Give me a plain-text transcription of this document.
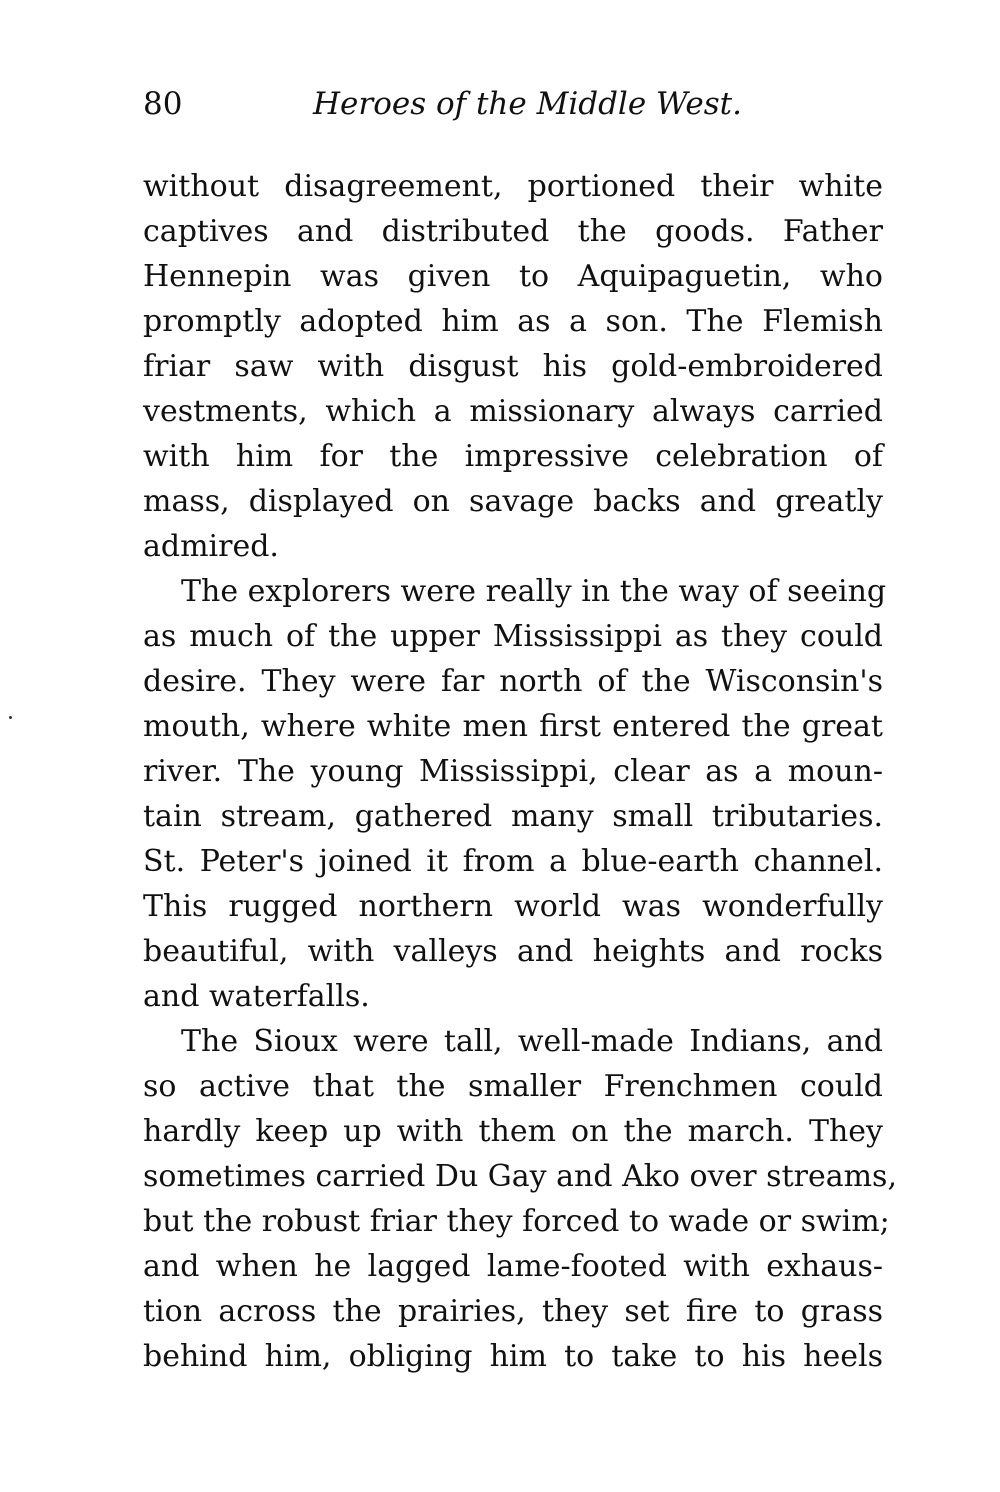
80	Heroes of the Middle West.
without disagreement, portioned their white
captives and distributed the goods. Father
Hennepin was given to Aquipaguetin, who
promptly adopted him as a son. The Flemish
friar saw with disgust his gold-embroidered
vestments, which a missionary always carried
with him for the impressive celebration of
mass, displayed on savage backs and greatly
admired.
The explorers were really in the way of seeing
as much of the upper Mississippi as they could
desire. They were far north of the Wisconsin's
mouth, where white men first entered the great
river. The young Mississippi, clear as a moun-
tain stream, gathered many small tributaries.
St. Peter's joined it from a blue-earth channel.
This rugged northern world was wonderfully
beautiful, with valleys and heights and rocks
and waterfalls.
The Sioux were tall, well-made Indians, and
so active that the smaller Frenchmen could
hardly keep up with them on the march. They
sometimes carried Du Gay and Ako over streams,
but the robust friar they forced to wade or swim;
and when he lagged lame-footed with exhaus-
tion across the prairies, they set fire to grass
behind him, obliging him to take to his heels
